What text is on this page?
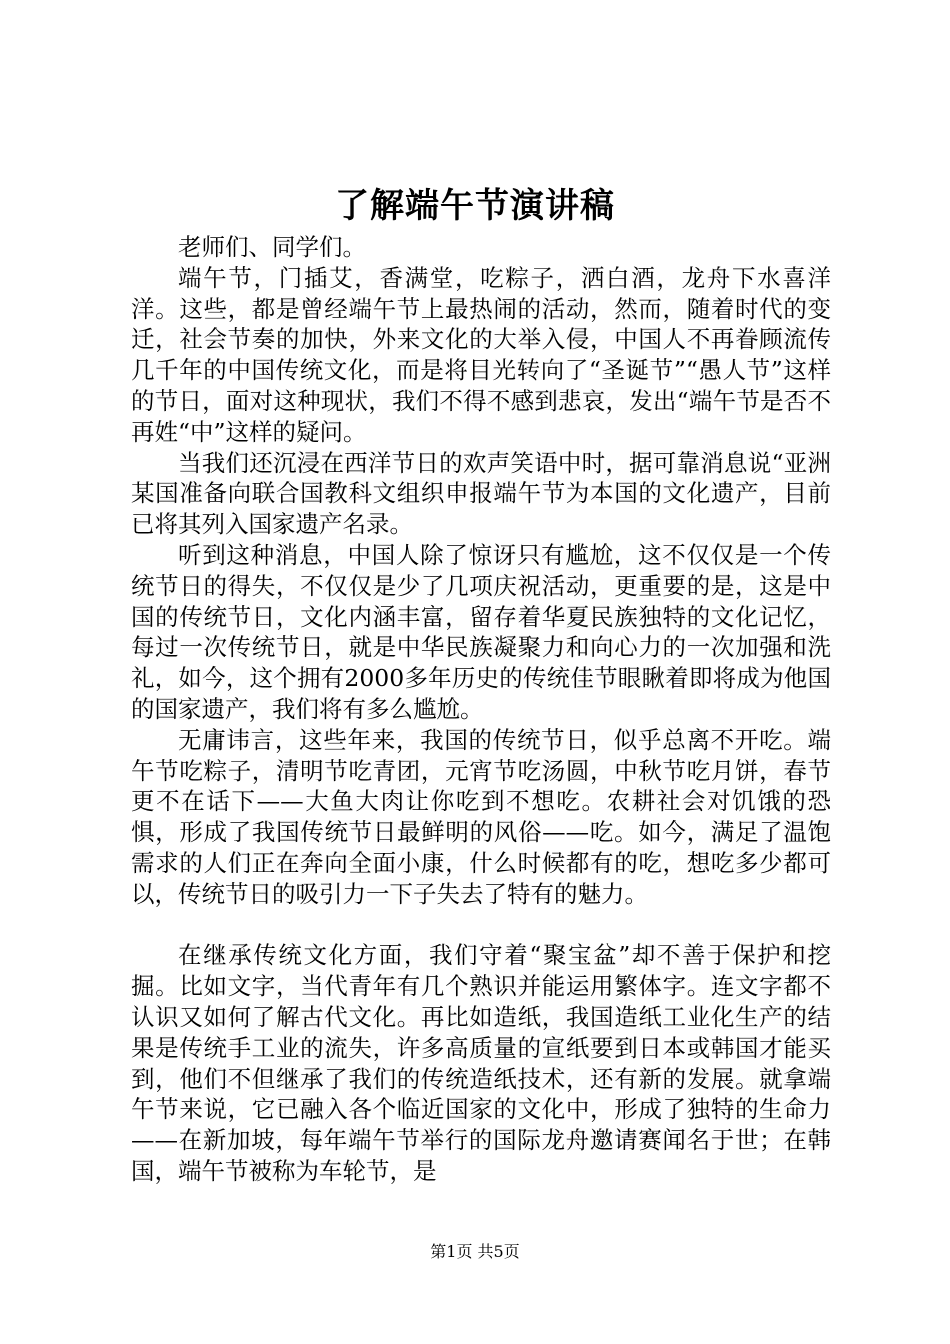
了解端午节演讲稿

老师们、同学们。

端午节，门插艾，香满堂，吃粽子，洒白酒，龙舟下水喜洋洋。这些，都是曾经端午节上最热闹的活动，然而，随着时代的变迁，社会节奏的加快，外来文化的大举入侵，中国人不再眷顾流传几千年的中国传统文化，而是将目光转向了“圣诞节”“愚人节”这样的节日，面对这种现状，我们不得不感到悲哀，发出“端午节是否不再姓“中”这样的疑问。

当我们还沉浸在西洋节日的欢声笑语中时，据可靠消息说“亚洲某国准备向联合国教科文组织申报端午节为本国的文化遗产，目前已将其列入国家遗产名录。

听到这种消息，中国人除了惊讶只有尴尬，这不仅仅是一个传统节日的得失，不仅仅是少了几项庆祝活动，更重要的是，这是中国的传统节日，文化内涵丰富，留存着华夏民族独特的文化记忆，每过一次传统节日，就是中华民族凝聚力和向心力的一次加强和洗礼，如今，这个拥有2000多年历史的传统佳节眼瞅着即将成为他国的国家遗产，我们将有多么尴尬。

无庸讳言，这些年来，我国的传统节日，似乎总离不开吃。端午节吃粽子，清明节吃青团，元宵节吃汤圆，中秋节吃月饼，春节更不在话下——大鱼大肉让你吃到不想吃。农耕社会对饥饿的恐惧，形成了我国传统节日最鲜明的风俗——吃。如今，满足了温饱需求的人们正在奔向全面小康，什么时候都有的吃，想吃多少都可以，传统节日的吸引力一下子失去了特有的魅力。

在继承传统文化方面，我们守着“聚宝盆”却不善于保护和挖掘。比如文字，当代青年有几个熟识并能运用繁体字。连文字都不认识又如何了解古代文化。再比如造纸，我国造纸工业化生产的结果是传统手工业的流失，许多高质量的宣纸要到日本或韩国才能买到，他们不但继承了我们的传统造纸技术，还有新的发展。就拿端午节来说，它已融入各个临近国家的文化中，形成了独特的生命力——在新加坡，每年端午节举行的国际龙舟邀请赛闻名于世；在韩国，端午节被称为车轮节，是

第1页 共5页
